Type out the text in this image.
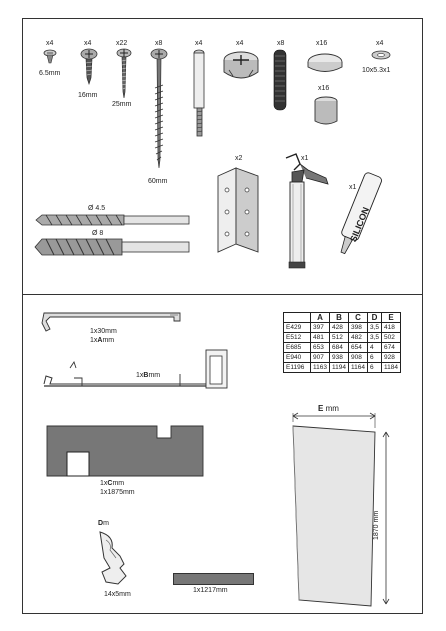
x4
6.5mm
x4
16mm
x22
25mm
x8
60mm
x4	x4	x8	x16
x16
x4
10x5.3x1
Ø 4.5
Ø 8
x2	x1
x1
SILICON
1x30mm
1xAmm
1xBmm
1xCmm
1x1875mm
Dm
14x5mm
1x1217mm
	A	B	C	D	E
E429	397	428	398	3,5	418
E512	481	512	482	3,5	502
E685	653	684	654	4	674
E940	907	938	908	6	928
E1196	1163	1194	1164	6	1184
E mm
1870 mm
